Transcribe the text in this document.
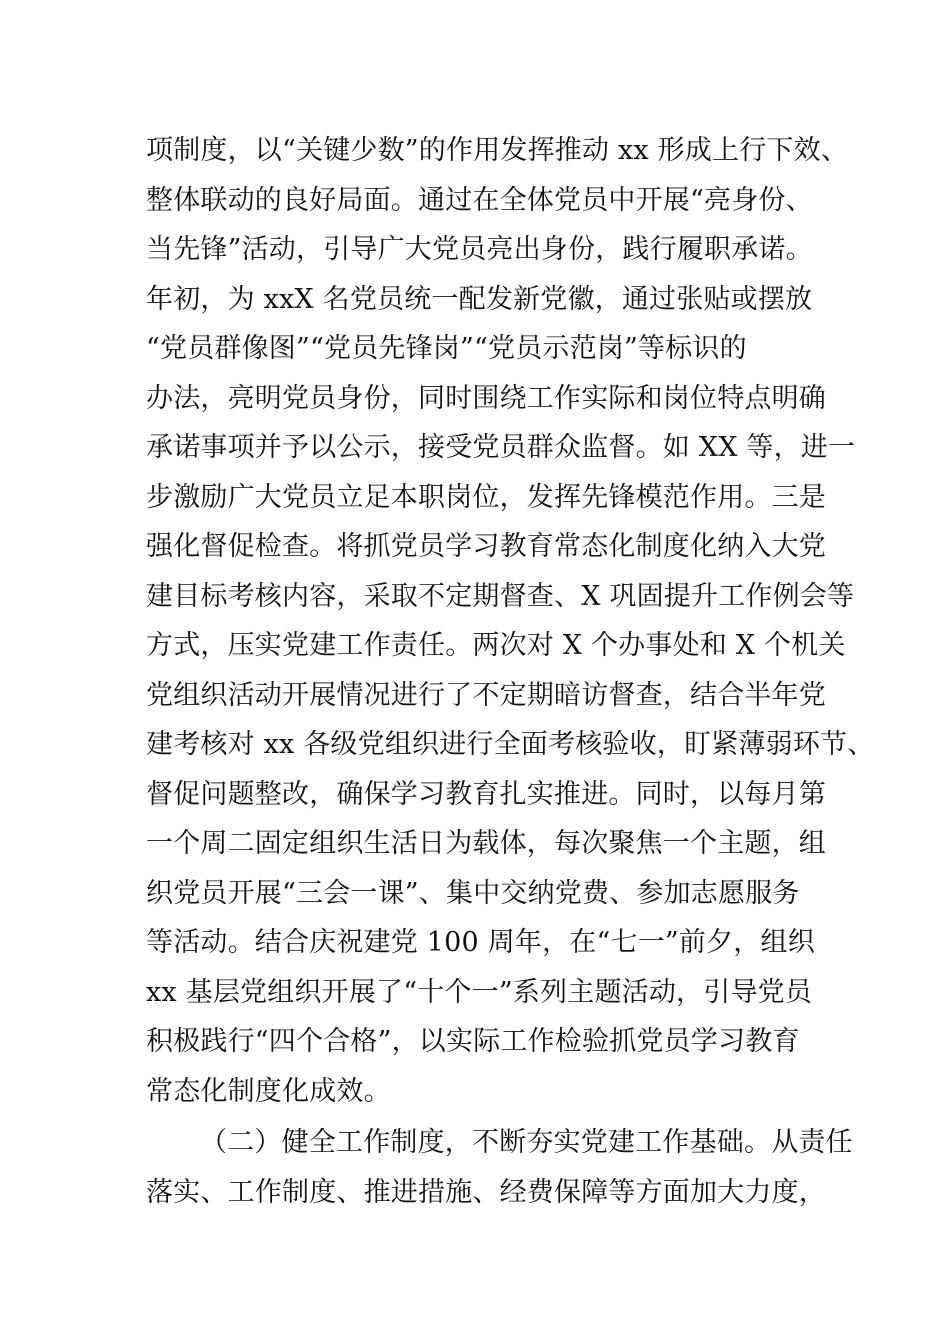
项制度，以“关键少数”的作用发挥推动 xx 形成上行下效、
整体联动的良好局面。通过在全体党员中开展“亮身份、
当先锋”活动，引导广大党员亮出身份，践行履职承诺。
年初，为 xxX 名党员统一配发新党徽，通过张贴或摆放
“党员群像图”“党员先锋岗”“党员示范岗”等标识的
办法，亮明党员身份，同时围绕工作实际和岗位特点明确
承诺事项并予以公示，接受党员群众监督。如 XX 等，进一
步激励广大党员立足本职岗位，发挥先锋模范作用。三是
强化督促检查。将抓党员学习教育常态化制度化纳入大党
建目标考核内容，采取不定期督查、X 巩固提升工作例会等
方式，压实党建工作责任。两次对 X 个办事处和 X 个机关
党组织活动开展情况进行了不定期暗访督查，结合半年党
建考核对 xx 各级党组织进行全面考核验收，盯紧薄弱环节、
督促问题整改，确保学习教育扎实推进。同时，以每月第
一个周二固定组织生活日为载体，每次聚焦一个主题，组
织党员开展“三会一课”、集中交纳党费、参加志愿服务
等活动。结合庆祝建党 100 周年，在“七一”前夕，组织
xx 基层党组织开展了“十个一”系列主题活动，引导党员
积极践行“四个合格”，以实际工作检验抓党员学习教育
常态化制度化成效。
（二）健全工作制度，不断夯实党建工作基础。从责任
落实、工作制度、推进措施、经费保障等方面加大力度，
